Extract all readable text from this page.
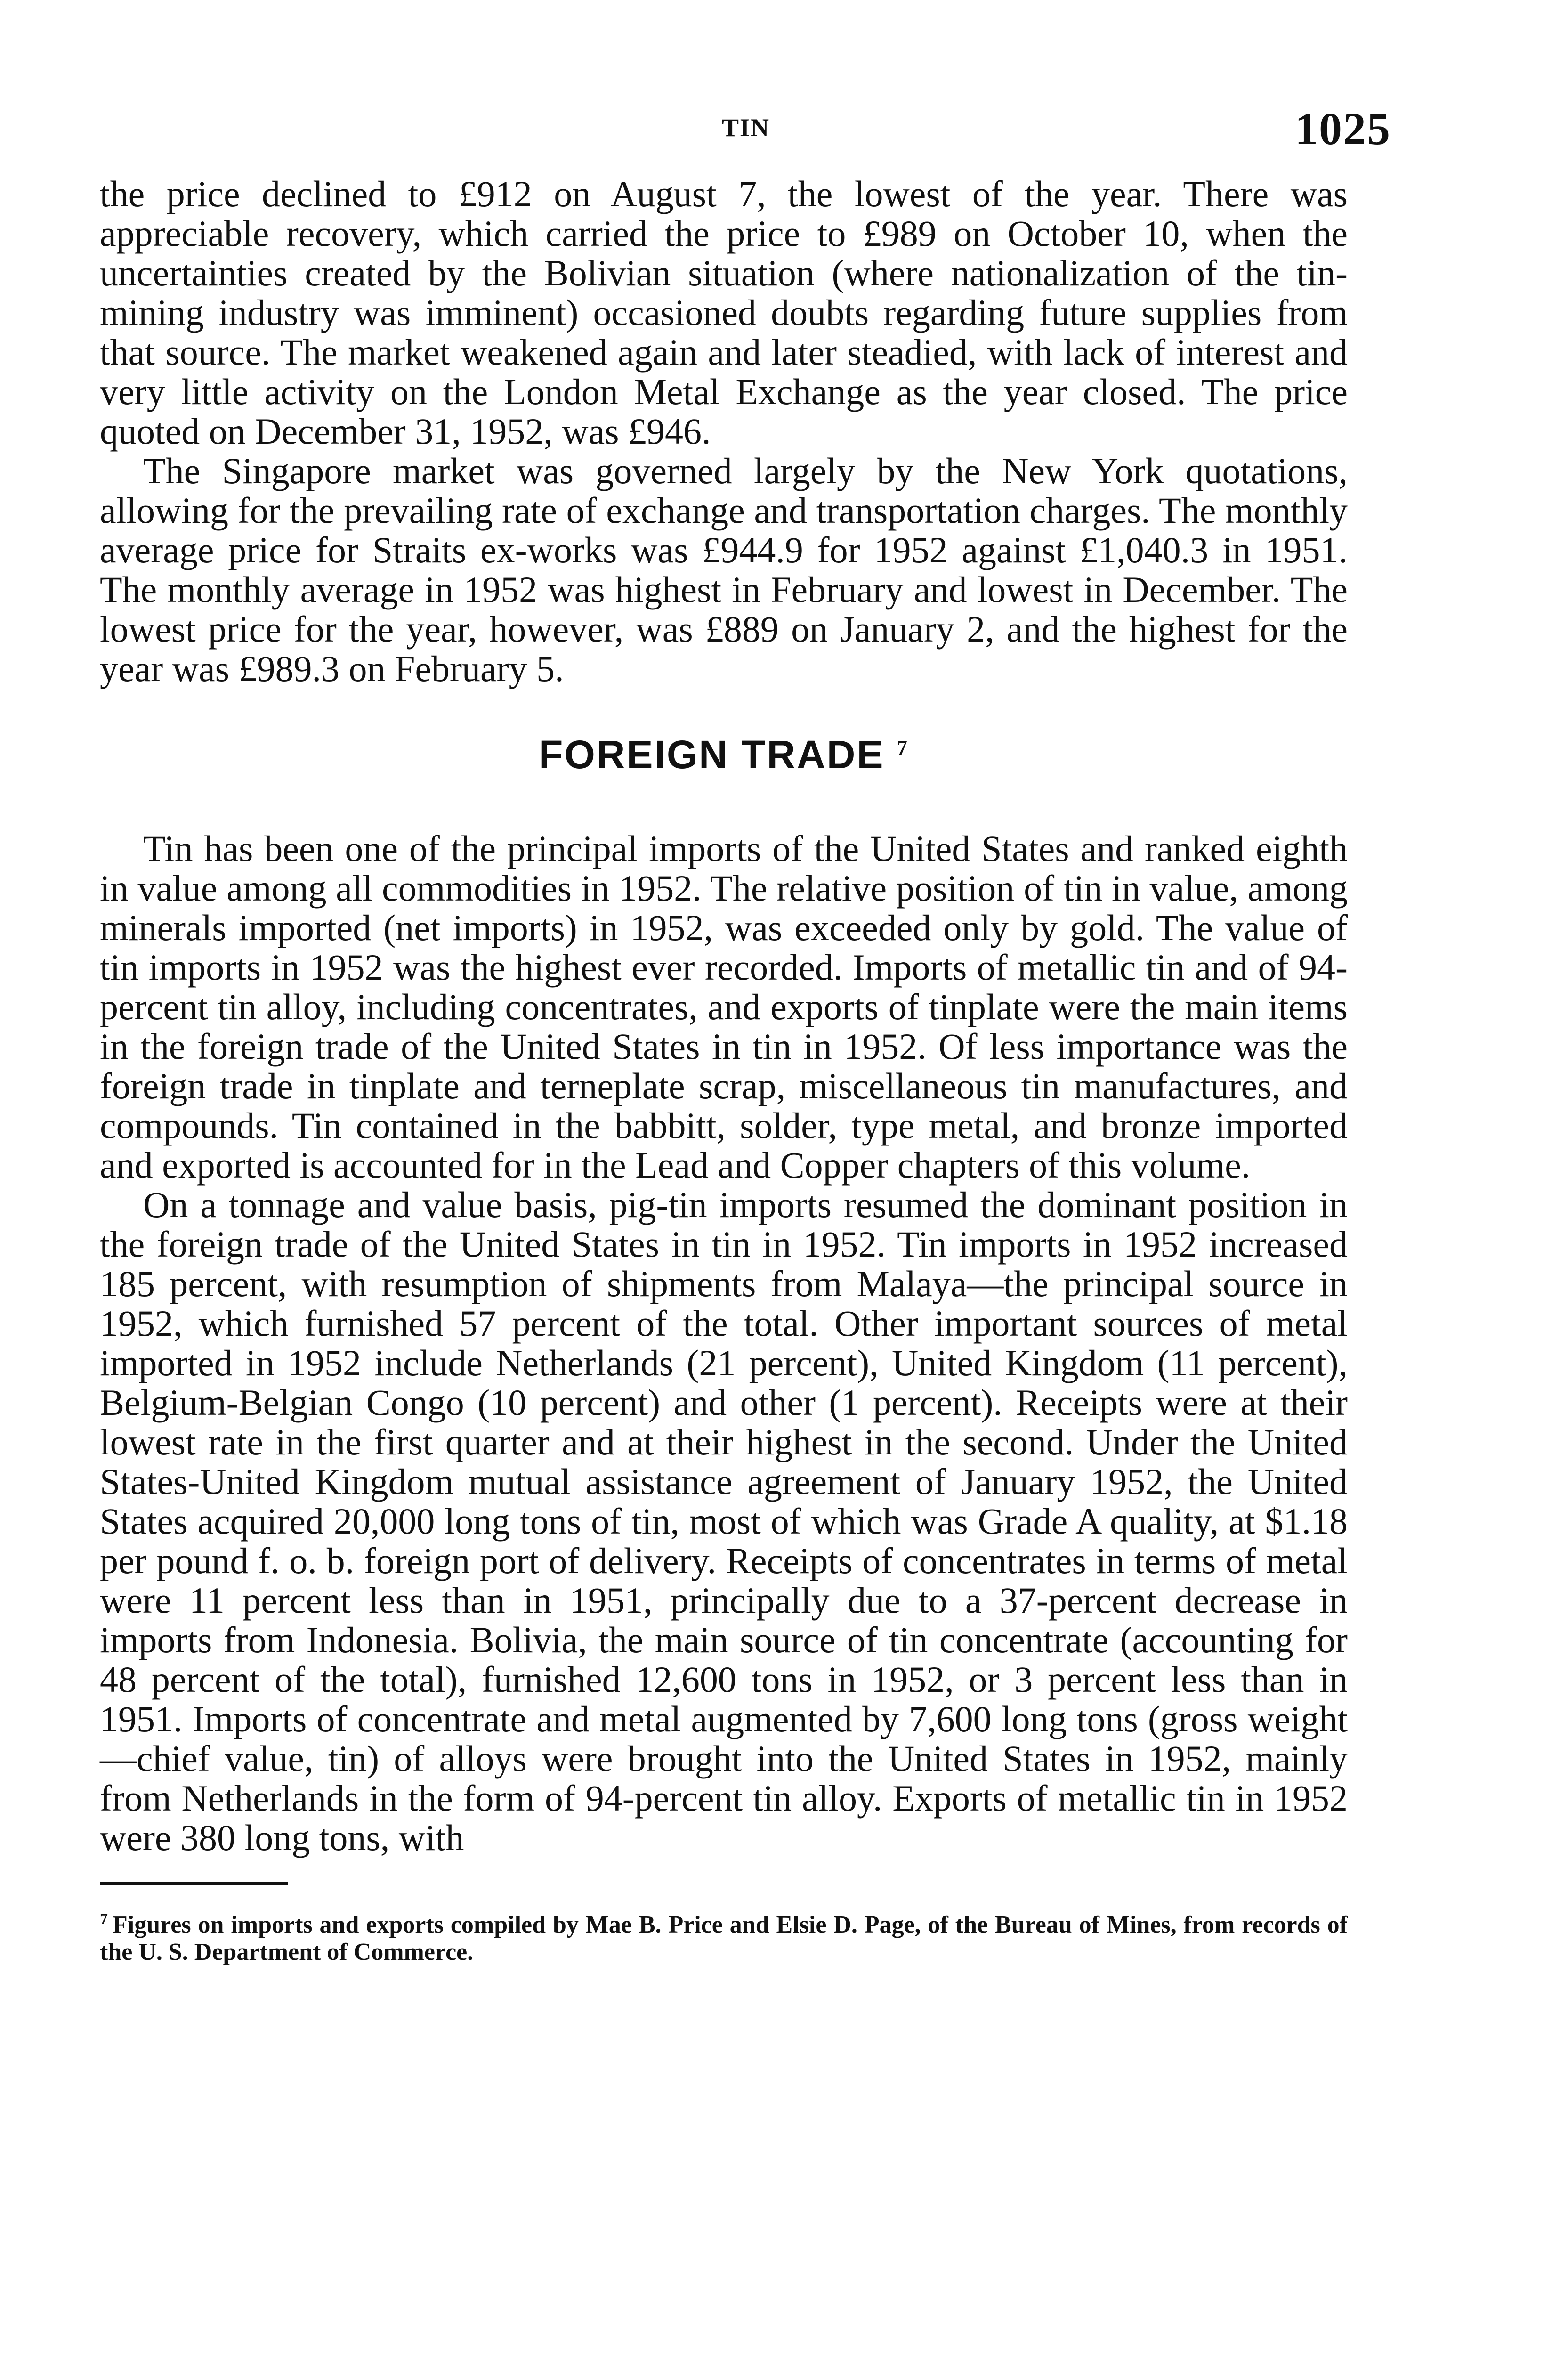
TIN	1025

the price declined to £912 on August 7, the lowest of the year. There was appreciable recovery, which carried the price to £989 on October 10, when the uncertainties created by the Bolivian situation (where nationalization of the tin-mining industry was imminent) occasioned doubts regarding future supplies from that source. The market weakened again and later steadied, with lack of interest and very little activity on the London Metal Exchange as the year closed. The price quoted on December 31, 1952, was £946.

The Singapore market was governed largely by the New York quotations, allowing for the prevailing rate of exchange and transportation charges. The monthly average price for Straits ex-works was £944.9 for 1952 against £1,040.3 in 1951. The monthly average in 1952 was highest in February and lowest in December. The lowest price for the year, however, was £889 on January 2, and the highest for the year was £989.3 on February 5.

FOREIGN TRADE $^7$

Tin has been one of the principal imports of the United States and ranked eighth in value among all commodities in 1952. The relative position of tin in value, among minerals imported (net imports) in 1952, was exceeded only by gold. The value of tin imports in 1952 was the highest ever recorded. Imports of metallic tin and of 94-percent tin alloy, including concentrates, and exports of tinplate were the main items in the foreign trade of the United States in tin in 1952. Of less importance was the foreign trade in tinplate and terneplate scrap, miscellaneous tin manufactures, and compounds. Tin contained in the babbitt, solder, type metal, and bronze imported and exported is accounted for in the Lead and Copper chapters of this volume.

On a tonnage and value basis, pig-tin imports resumed the dominant position in the foreign trade of the United States in tin in 1952. Tin imports in 1952 increased 185 percent, with resumption of shipments from Malaya—the principal source in 1952, which furnished 57 percent of the total. Other important sources of metal imported in 1952 include Netherlands (21 percent), United Kingdom (11 percent), Belgium-Belgian Congo (10 percent) and other (1 percent). Receipts were at their lowest rate in the first quarter and at their highest in the second. Under the United States-United Kingdom mutual assistance agreement of January 1952, the United States acquired 20,000 long tons of tin, most of which was Grade A quality, at $1.18 per pound f. o. b. foreign port of delivery. Receipts of concentrates in terms of metal were 11 percent less than in 1951, principally due to a 37-percent decrease in imports from Indonesia. Bolivia, the main source of tin concentrate (accounting for 48 percent of the total), furnished 12,600 tons in 1952, or 3 percent less than in 1951. Imports of concentrate and metal augmented by 7,600 long tons (gross weight—chief value, tin) of alloys were brought into the United States in 1952, mainly from Netherlands in the form of 94-percent tin alloy. Exports of metallic tin in 1952 were 380 long tons, with

$^7$ Figures on imports and exports compiled by Mae B. Price and Elsie D. Page, of the Bureau of Mines, from records of the U. S. Department of Commerce.
